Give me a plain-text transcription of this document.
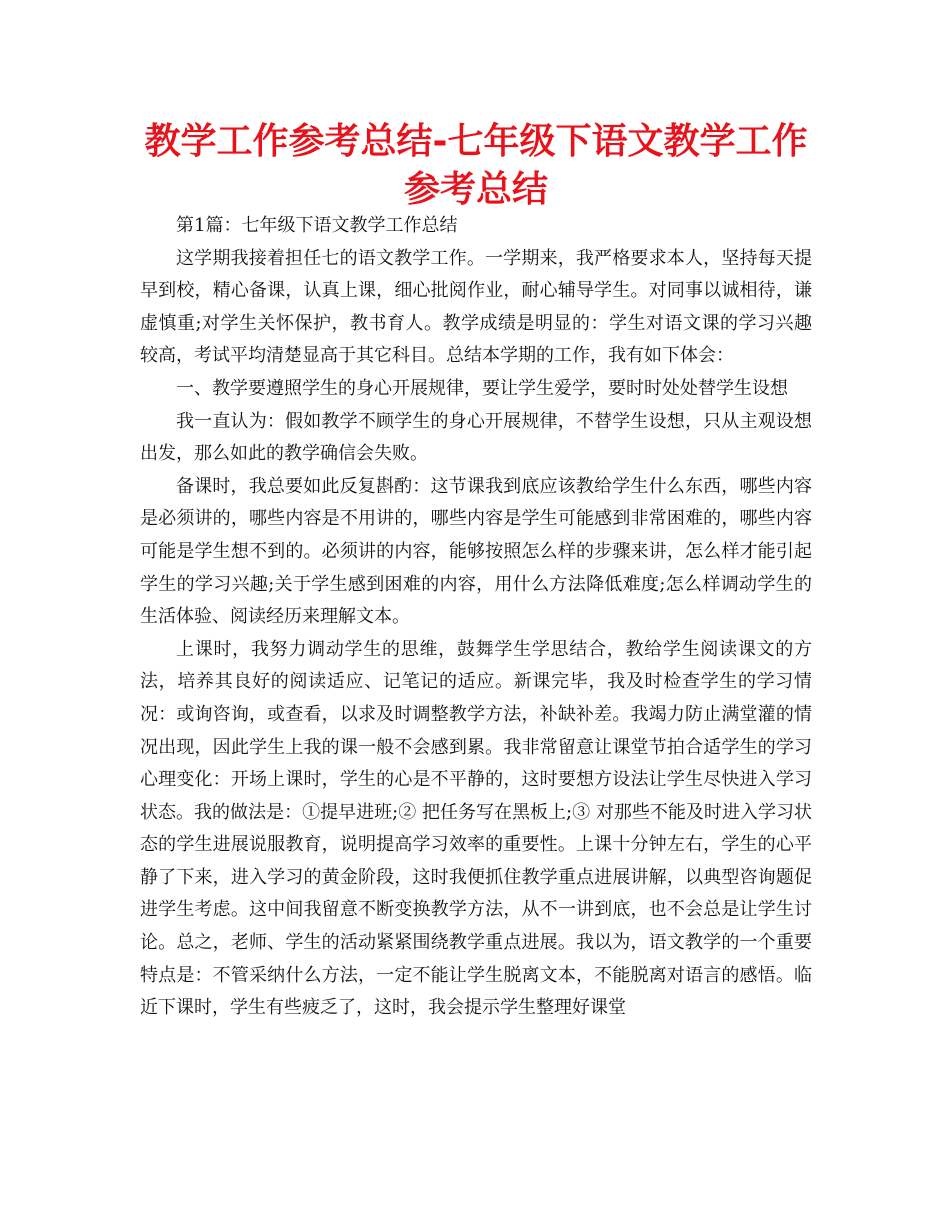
教学工作参考总结-七年级下语文教学工作参考总结

第1篇：七年级下语文教学工作总结

这学期我接着担任七的语文教学工作。一学期来，我严格要求本人，坚持每天提早到校，精心备课，认真上课，细心批阅作业，耐心辅导学生。对同事以诚相待，谦虚慎重;对学生关怀保护，教书育人。教学成绩是明显的：学生对语文课的学习兴趣较高，考试平均清楚显高于其它科目。总结本学期的工作，我有如下体会：

一、教学要遵照学生的身心开展规律，要让学生爱学，要时时处处替学生设想

我一直认为：假如教学不顾学生的身心开展规律，不替学生设想，只从主观设想出发，那么如此的教学确信会失败。

备课时，我总要如此反复斟酌：这节课我到底应该教给学生什么东西，哪些内容是必须讲的，哪些内容是不用讲的，哪些内容是学生可能感到非常困难的，哪些内容可能是学生想不到的。必须讲的内容，能够按照怎么样的步骤来讲，怎么样才能引起学生的学习兴趣;关于学生感到困难的内容，用什么方法降低难度;怎么样调动学生的生活体验、阅读经历来理解文本。

上课时，我努力调动学生的思维，鼓舞学生学思结合，教给学生阅读课文的方法，培养其良好的阅读适应、记笔记的适应。新课完毕，我及时检查学生的学习情况：或询咨询，或查看，以求及时调整教学方法，补缺补差。我竭力防止满堂灌的情况出现，因此学生上我的课一般不会感到累。我非常留意让课堂节拍合适学生的学习心理变化：开场上课时，学生的心是不平静的，这时要想方设法让学生尽快进入学习状态。我的做法是：①提早进班;② 把任务写在黑板上;③ 对那些不能及时进入学习状态的学生进展说服教育，说明提高学习效率的重要性。上课十分钟左右，学生的心平静了下来，进入学习的黄金阶段，这时我便抓住教学重点进展讲解，以典型咨询题促进学生考虑。这中间我留意不断变换教学方法，从不一讲到底，也不会总是让学生讨论。总之，老师、学生的活动紧紧围绕教学重点进展。我以为，语文教学的一个重要特点是：不管采纳什么方法，一定不能让学生脱离文本，不能脱离对语言的感悟。临近下课时，学生有些疲乏了，这时，我会提示学生整理好课堂
